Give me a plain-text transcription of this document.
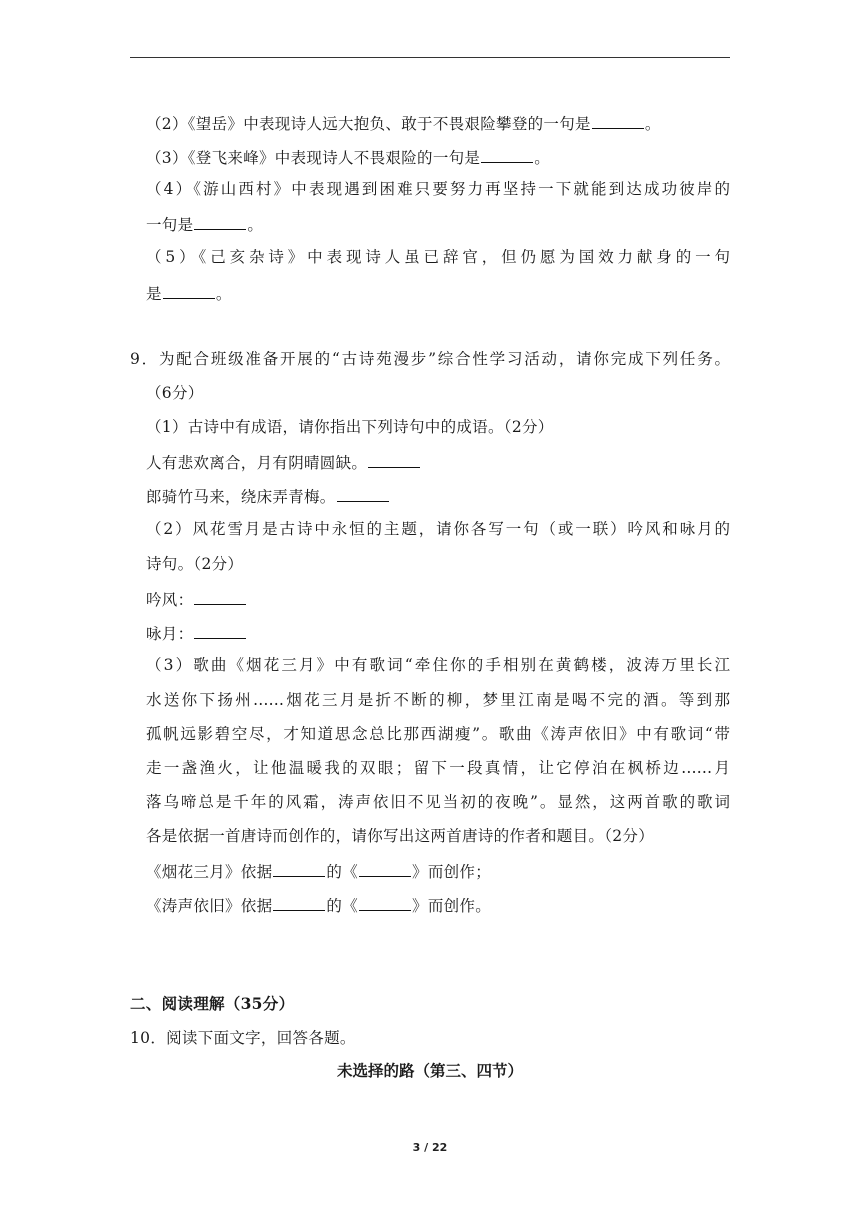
（2）《望岳》中表现诗人远大抱负、敢于不畏艰险攀登的一句是	。
（3）《登飞来峰》中表现诗人不畏艰险的一句是	。
（4）《游山西村》中表现遇到困难只要努力再坚持一下就能到达成功彼岸的
一句是	。
（5）《己亥杂诗》中表现诗人虽已辞官，但仍愿为国效力献身的一句
是	。
9．为配合班级准备开展的“古诗苑漫步”综合性学习活动，请你完成下列任务。
（6分）
（1）古诗中有成语，请你指出下列诗句中的成语。（2分）
人有悲欢离合，月有阴晴圆缺。
郎骑竹马来，绕床弄青梅。
（2）风花雪月是古诗中永恒的主题，请你各写一句（或一联）吟风和咏月的
诗句。（2分）
吟风：
咏月：
（3）歌曲《烟花三月》中有歌词“牵住你的手相别在黄鹤楼，波涛万里长江
水送你下扬州……烟花三月是折不断的柳，梦里江南是喝不完的酒。等到那
孤帆远影碧空尽，才知道思念总比那西湖瘦”。歌曲《涛声依旧》中有歌词“带
走一盏渔火，让他温暖我的双眼；留下一段真情，让它停泊在枫桥边……月
落乌啼总是千年的风霜，涛声依旧不见当初的夜晚”。显然，这两首歌的歌词
各是依据一首唐诗而创作的，请你写出这两首唐诗的作者和题目。（2分）
《烟花三月》依据	的《	》而创作；
《涛声依旧》依据	的《	》而创作。
二、阅读理解（35分）
10．阅读下面文字，回答各题。
未选择的路（第三、四节）
3 / 22
